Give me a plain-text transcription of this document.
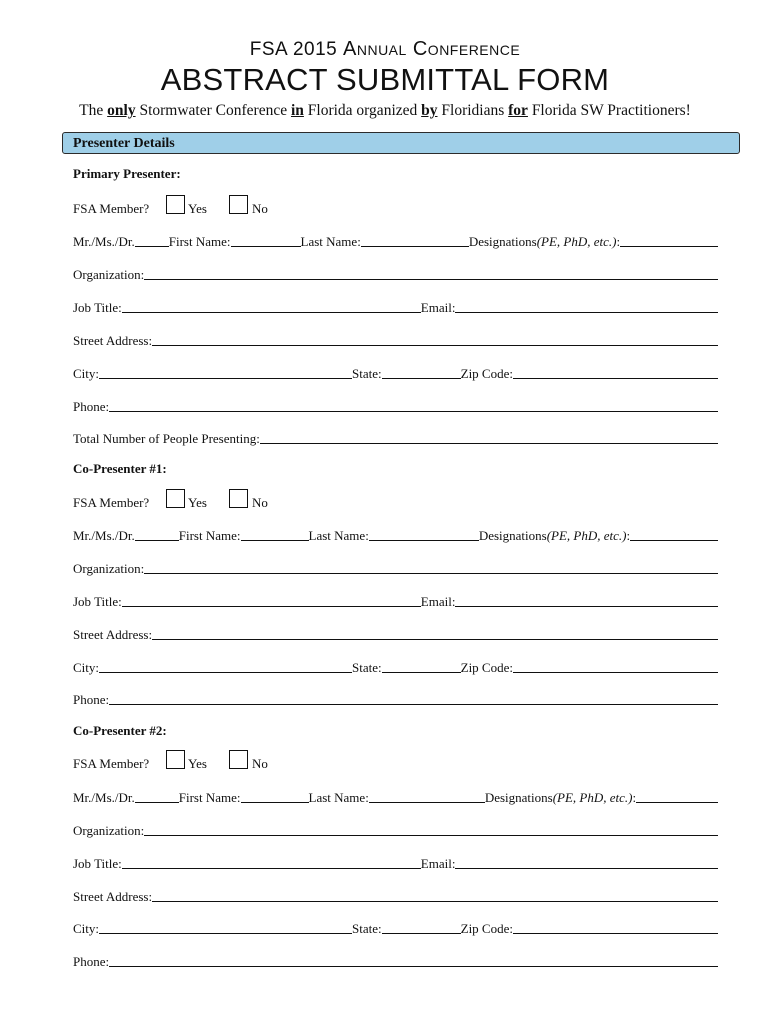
FSA 2015 Annual Conference
ABSTRACT SUBMITTAL FORM
The only Stormwater Conference in Florida organized by Floridians for Florida SW Practitioners!
Presenter Details
Primary Presenter:
FSA Member?	Yes	No
Mr./Ms./Dr.	First Name:	Last Name:	Designations (PE, PhD, etc.) :
Organization:
Job Title:	Email:
Street Address:
City:	State:	Zip Code:
Phone:
Total Number of People Presenting:
Co-Presenter #1:
FSA Member?	Yes	No
Mr./Ms./Dr.	First Name:	Last Name:	Designations (PE, PhD, etc.) :
Organization:
Job Title:	Email:
Street Address:
City:	State:	Zip Code:
Phone:
Co-Presenter #2:
FSA Member?	Yes	No
Mr./Ms./Dr.	First Name:	Last Name:	Designations (PE, PhD, etc.) :
Organization:
Job Title:	Email:
Street Address:
City:	State:	Zip Code:
Phone:
